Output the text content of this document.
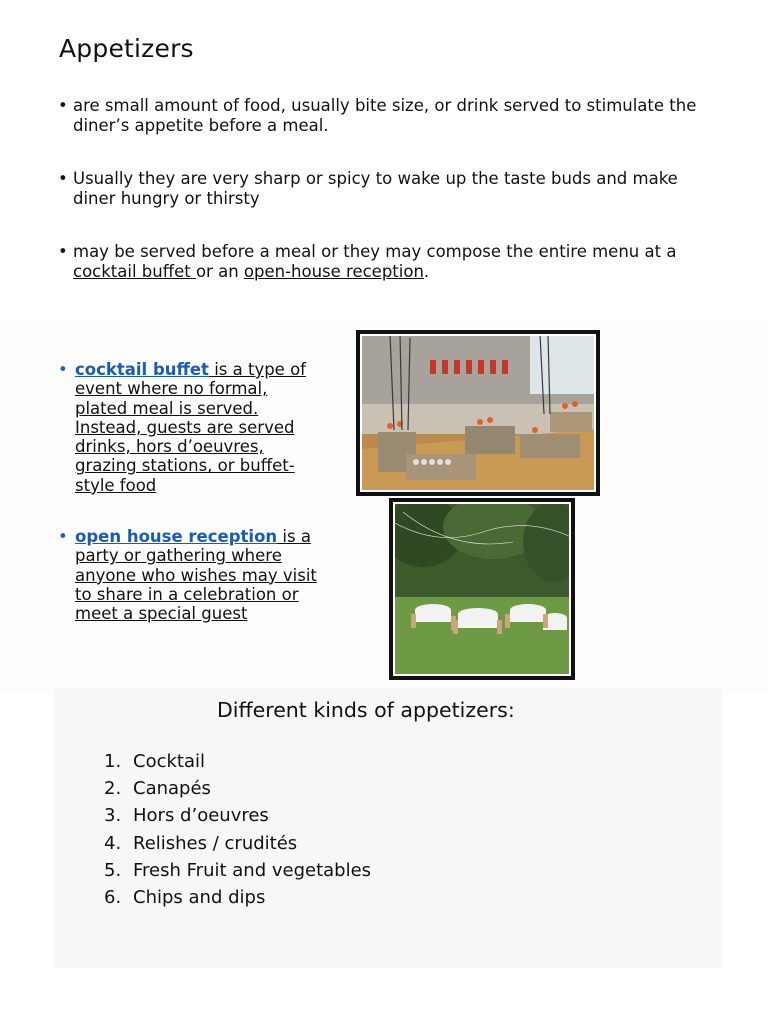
Appetizers
• are small amount of food, usually bite size, or drink served to stimulate the diner’s appetite before a meal.
• Usually they are very sharp or spicy to wake up the taste buds and make diner hungry or thirsty
• may be served before a meal or they may compose the entire menu at a cocktail buffet or an open-house reception.
• cocktail buffet is a type of event where no formal, plated meal is served. Instead, guests are served drinks, hors d’oeuvres, grazing stations, or buffet-style food
• open house reception is a party or gathering where anyone who wishes may visit to share in a celebration or meet a special guest
Different kinds of appetizers:
1. Cocktail
2. Canapés
3. Hors d’oeuvres
4. Relishes / crudités
5. Fresh Fruit and vegetables
6. Chips and dips
